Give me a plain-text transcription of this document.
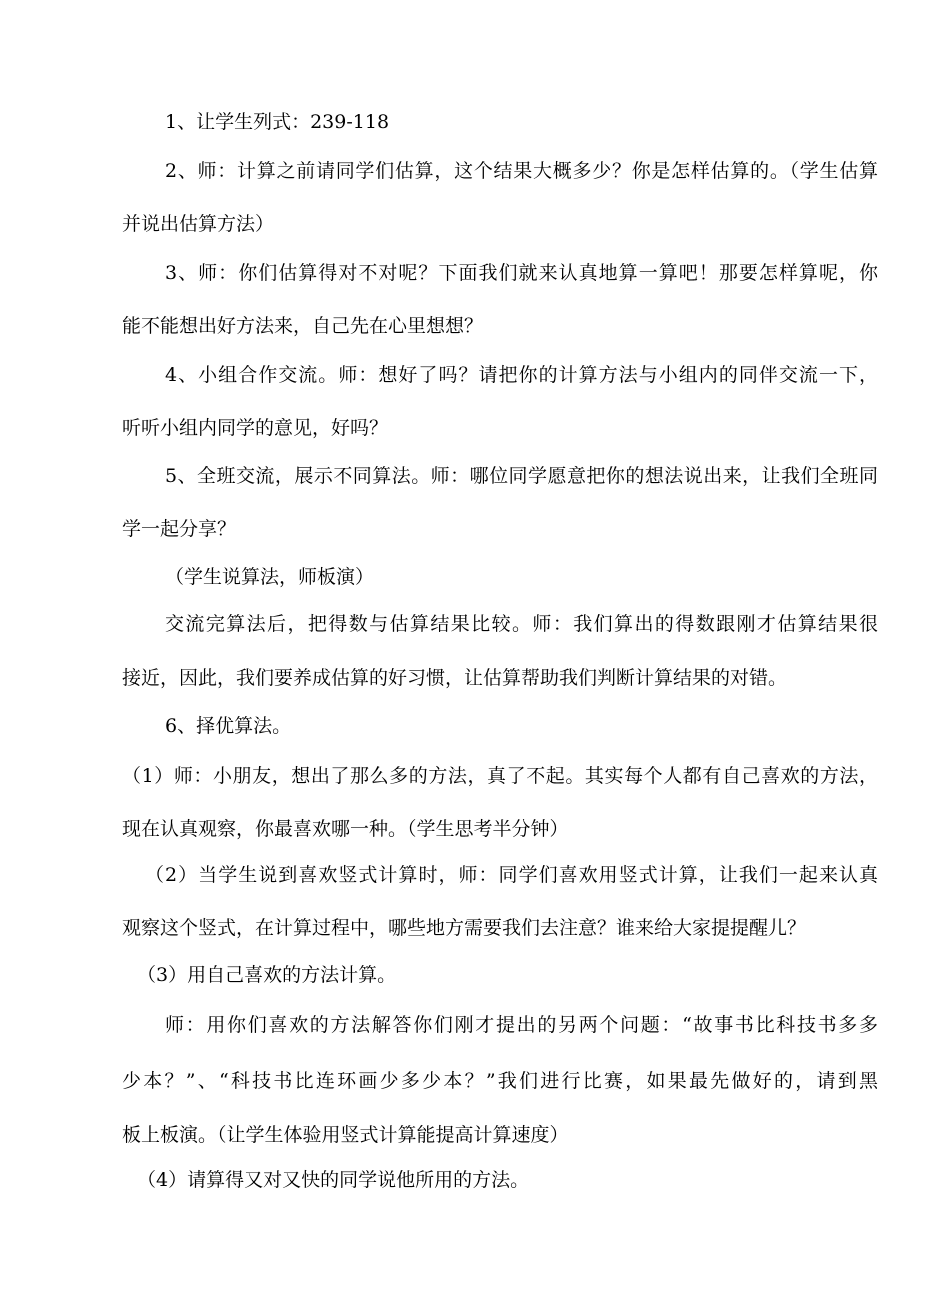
1、让学生列式：239-118
2、师：计算之前请同学们估算，这个结果大概多少？你是怎样估算的。（学生估算
并说出估算方法）
3、师：你们估算得对不对呢？下面我们就来认真地算一算吧！那要怎样算呢，你
能不能想出好方法来，自己先在心里想想？
4、小组合作交流。师：想好了吗？请把你的计算方法与小组内的同伴交流一下，
听听小组内同学的意见，好吗？
5、全班交流，展示不同算法。师：哪位同学愿意把你的想法说出来，让我们全班同
学一起分享？
（学生说算法，师板演）
交流完算法后，把得数与估算结果比较。师：我们算出的得数跟刚才估算结果很
接近，因此，我们要养成估算的好习惯，让估算帮助我们判断计算结果的对错。
6、择优算法。
（1）师：小朋友，想出了那么多的方法，真了不起。其实每个人都有自己喜欢的方法，
现在认真观察，你最喜欢哪一种。（学生思考半分钟）
（2）当学生说到喜欢竖式计算时，师：同学们喜欢用竖式计算，让我们一起来认真
观察这个竖式，在计算过程中，哪些地方需要我们去注意？谁来给大家提提醒儿？
（3）用自己喜欢的方法计算。
师：用你们喜欢的方法解答你们刚才提出的另两个问题：“故事书比科技书多多
少本？”、“科技书比连环画少多少本？”我们进行比赛，如果最先做好的，请到黑
板上板演。（让学生体验用竖式计算能提高计算速度）
（4）请算得又对又快的同学说他所用的方法。
